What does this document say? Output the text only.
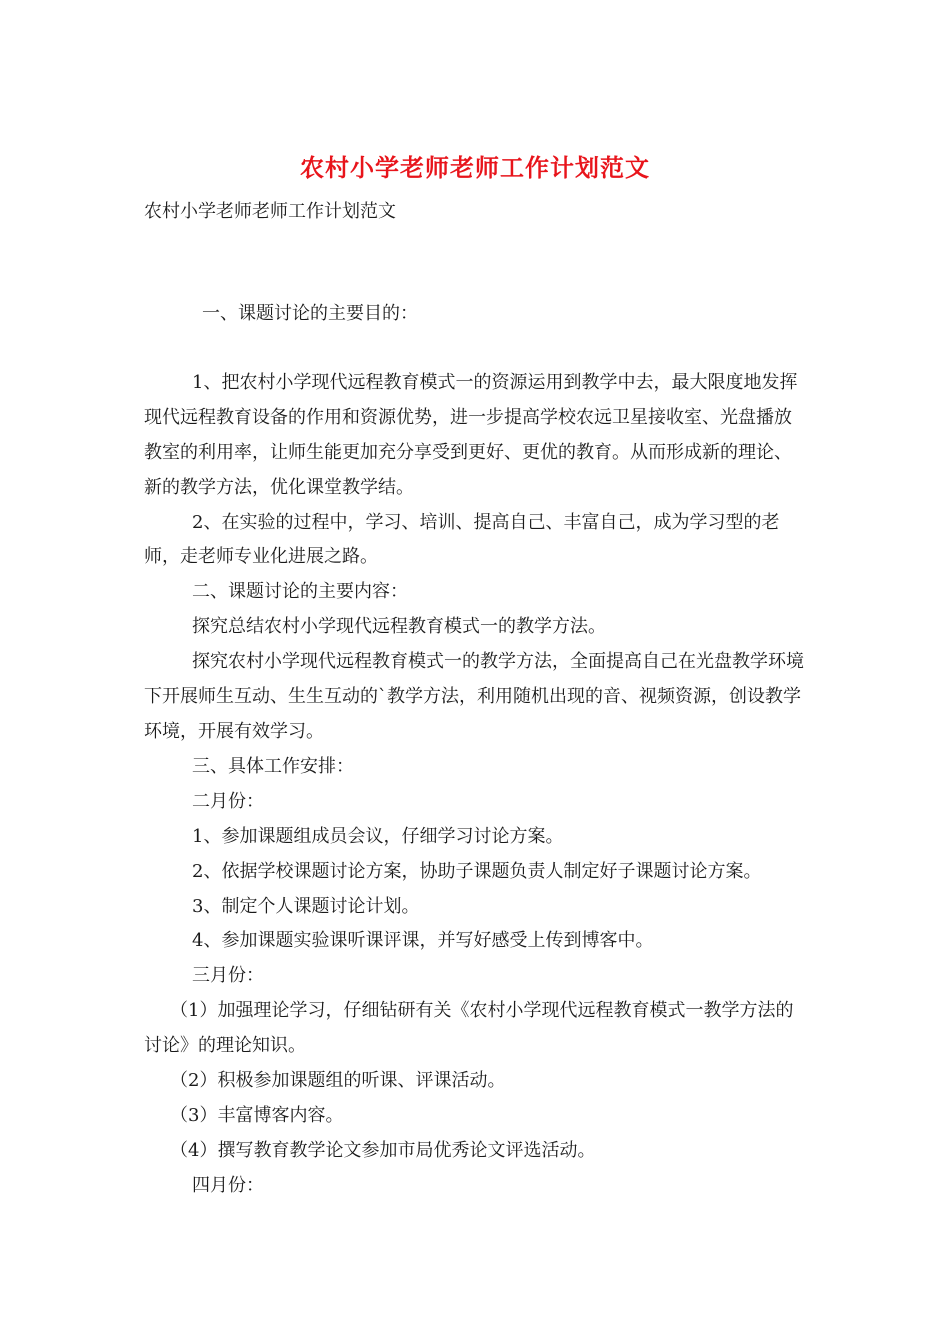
农村小学老师老师工作计划范文
农村小学老师老师工作计划范文

一、课题讨论的主要目的：

1、把农村小学现代远程教育模式一的资源运用到教学中去，最大限度地发挥现代远程教育设备的作用和资源优势，进一步提高学校农远卫星接收室、光盘播放教室的利用率，让师生能更加充分享受到更好、更优的教育。从而形成新的理论、新的教学方法，优化课堂教学结。

2、在实验的过程中，学习、培训、提高自己、丰富自己，成为学习型的老师，走老师专业化进展之路。

二、课题讨论的主要内容：

探究总结农村小学现代远程教育模式一的教学方法。

探究农村小学现代远程教育模式一的教学方法，全面提高自己在光盘教学环境下开展师生互动、生生互动的`教学方法，利用随机出现的音、视频资源，创设教学环境，开展有效学习。

三、具体工作安排：

二月份：

1、参加课题组成员会议，仔细学习讨论方案。

2、依据学校课题讨论方案，协助子课题负责人制定好子课题讨论方案。

3、制定个人课题讨论计划。

4、参加课题实验课听课评课，并写好感受上传到博客中。

三月份：

（1）加强理论学习，仔细钻研有关《农村小学现代远程教育模式一教学方法的讨论》的理论知识。

（2）积极参加课题组的听课、评课活动。

（3）丰富博客内容。

（4）撰写教育教学论文参加市局优秀论文评选活动。

四月份：
